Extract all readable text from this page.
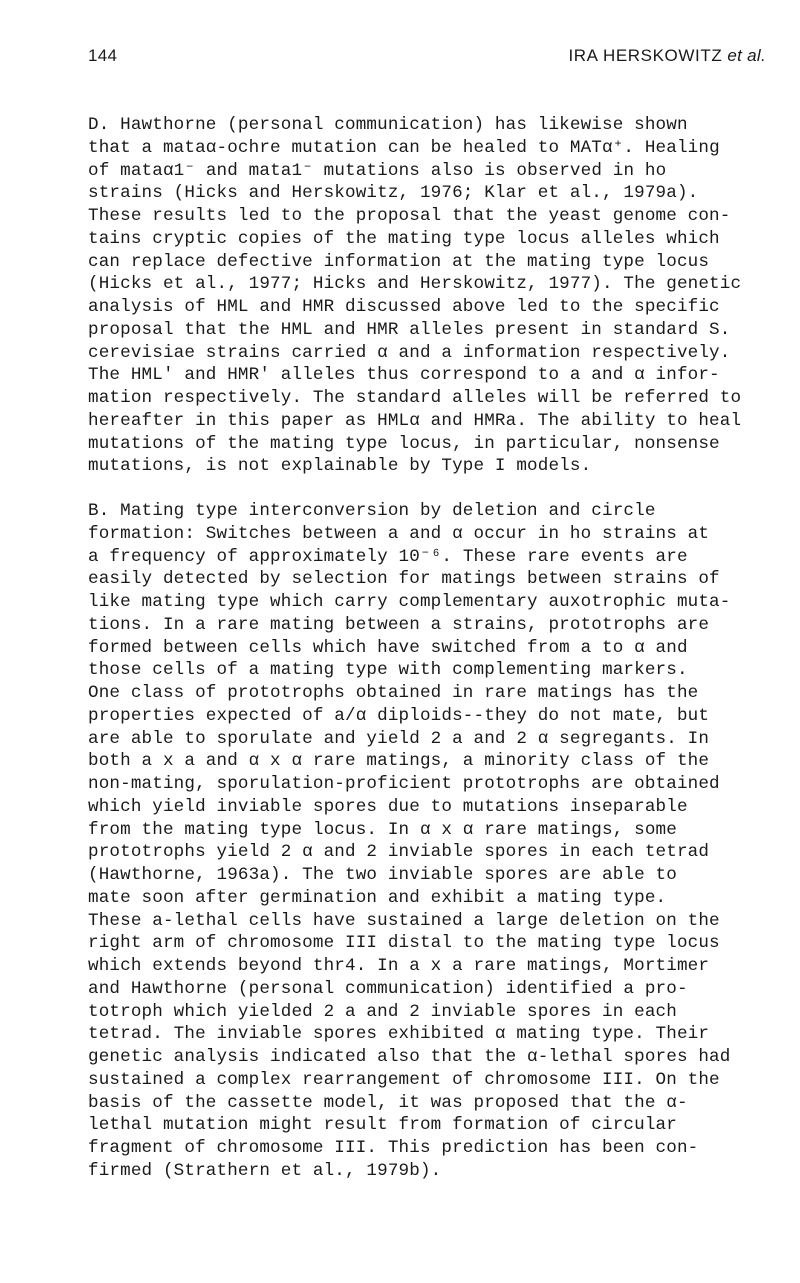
144	IRA HERSKOWITZ et al.
D. Hawthorne (personal communication) has likewise shown
that a mataα-ochre mutation can be healed to MATα⁺. Healing
of mataα1⁻ and mata1⁻ mutations also is observed in ho
strains (Hicks and Herskowitz, 1976; Klar et al., 1979a).
These results led to the proposal that the yeast genome con-
tains cryptic copies of the mating type locus alleles which
can replace defective information at the mating type locus
(Hicks et al., 1977; Hicks and Herskowitz, 1977). The genetic
analysis of HML and HMR discussed above led to the specific
proposal that the HML and HMR alleles present in standard S.
cerevisiae strains carried α and a information respectively.
The HML' and HMR' alleles thus correspond to a and α infor-
mation respectively. The standard alleles will be referred to
hereafter in this paper as HMLα and HMRa. The ability to heal
mutations of the mating type locus, in particular, nonsense
mutations, is not explainable by Type I models.
B. Mating type interconversion by deletion and circle
formation: Switches between a and α occur in ho strains at
a frequency of approximately 10⁻⁶. These rare events are
easily detected by selection for matings between strains of
like mating type which carry complementary auxotrophic muta-
tions. In a rare mating between a strains, prototrophs are
formed between cells which have switched from a to α and
those cells of a mating type with complementing markers.
One class of prototrophs obtained in rare matings has the
properties expected of a/α diploids--they do not mate, but
are able to sporulate and yield 2 a and 2 α segregants. In
both a x a and α x α rare matings, a minority class of the
non-mating, sporulation-proficient prototrophs are obtained
which yield inviable spores due to mutations inseparable
from the mating type locus. In α x α rare matings, some
prototrophs yield 2 α and 2 inviable spores in each tetrad
(Hawthorne, 1963a). The two inviable spores are able to
mate soon after germination and exhibit a mating type.
These a-lethal cells have sustained a large deletion on the
right arm of chromosome III distal to the mating type locus
which extends beyond thr4. In a x a rare matings, Mortimer
and Hawthorne (personal communication) identified a pro-
totroph which yielded 2 a and 2 inviable spores in each
tetrad. The inviable spores exhibited α mating type. Their
genetic analysis indicated also that the α-lethal spores had
sustained a complex rearrangement of chromosome III. On the
basis of the cassette model, it was proposed that the α-
lethal mutation might result from formation of circular
fragment of chromosome III. This prediction has been con-
firmed (Strathern et al., 1979b).
